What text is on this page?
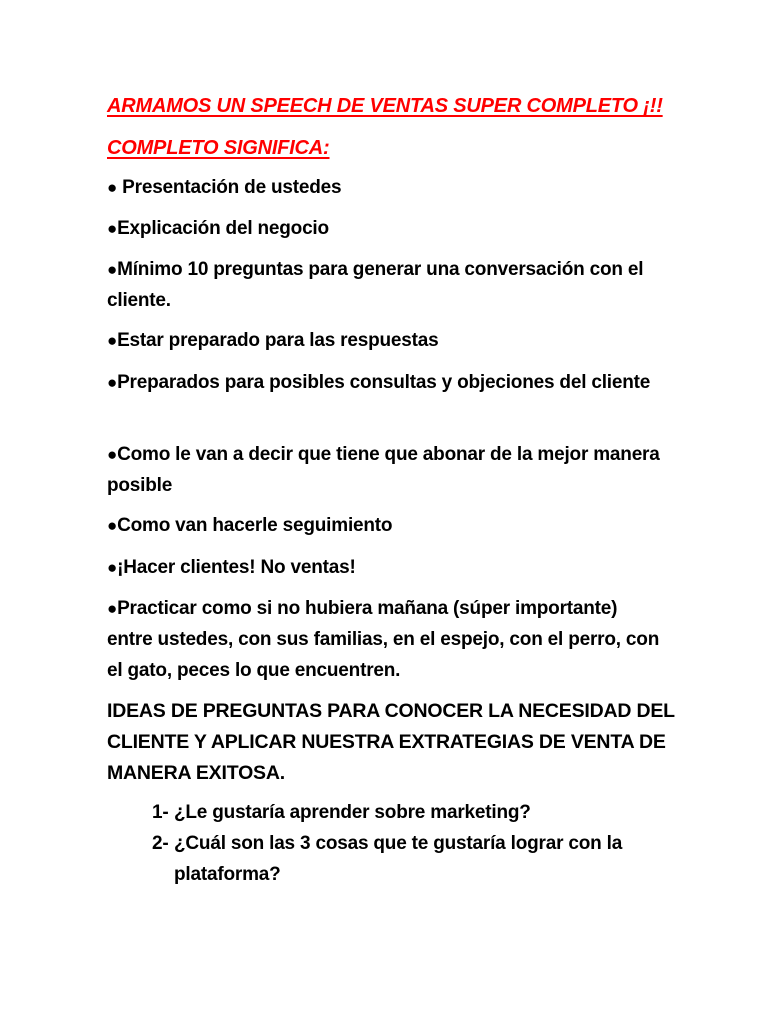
ARMAMOS UN SPEECH DE VENTAS SUPER COMPLETO ¡!!
COMPLETO SIGNIFICA:
● Presentación de ustedes
●Explicación del negocio
●Mínimo 10 preguntas para generar una conversación con el cliente.
●Estar preparado para las respuestas
●Preparados para posibles consultas y objeciones del cliente
●Como le van a decir que tiene que abonar de la mejor manera posible
●Como van hacerle seguimiento
●¡Hacer clientes! No ventas!
●Practicar como si no hubiera mañana (súper importante) entre ustedes, con sus familias, en el espejo, con el perro, con el gato, peces lo que encuentren.
IDEAS DE PREGUNTAS PARA CONOCER LA NECESIDAD DEL CLIENTE Y APLICAR NUESTRA EXTRATEGIAS DE VENTA DE MANERA EXITOSA.
1- ¿Le gustaría aprender sobre marketing?
2- ¿Cuál son las 3 cosas que te gustaría lograr con la
plataforma?
